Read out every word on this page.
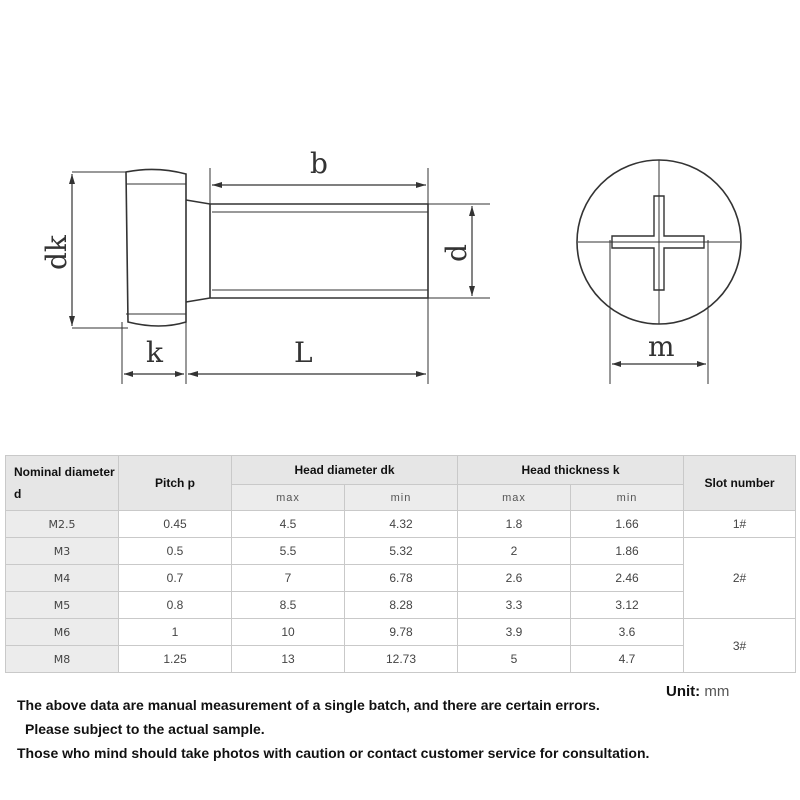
b
L
k	m
dk	d
Nominal diameter d	Pitch p	Head diameter dk		Head thickness k		Slot number
		max	min	max	min	
M2.5	0.45	4.5	4.32	1.8	1.66	1#
M3	0.5	5.5	5.32	2	1.86	2#
M4	0.7	7	6.78	2.6	2.46	
M5	0.8	8.5	8.28	3.3	3.12	
M6	1	10	9.78	3.9	3.6	3#
M8	1.25	13	12.73	5	4.7	
Unit: mm
The above data are manual measurement of a single batch, and there are certain errors.
Please subject to the actual sample.
Those who mind should take photos with caution or contact customer service for consultation.
